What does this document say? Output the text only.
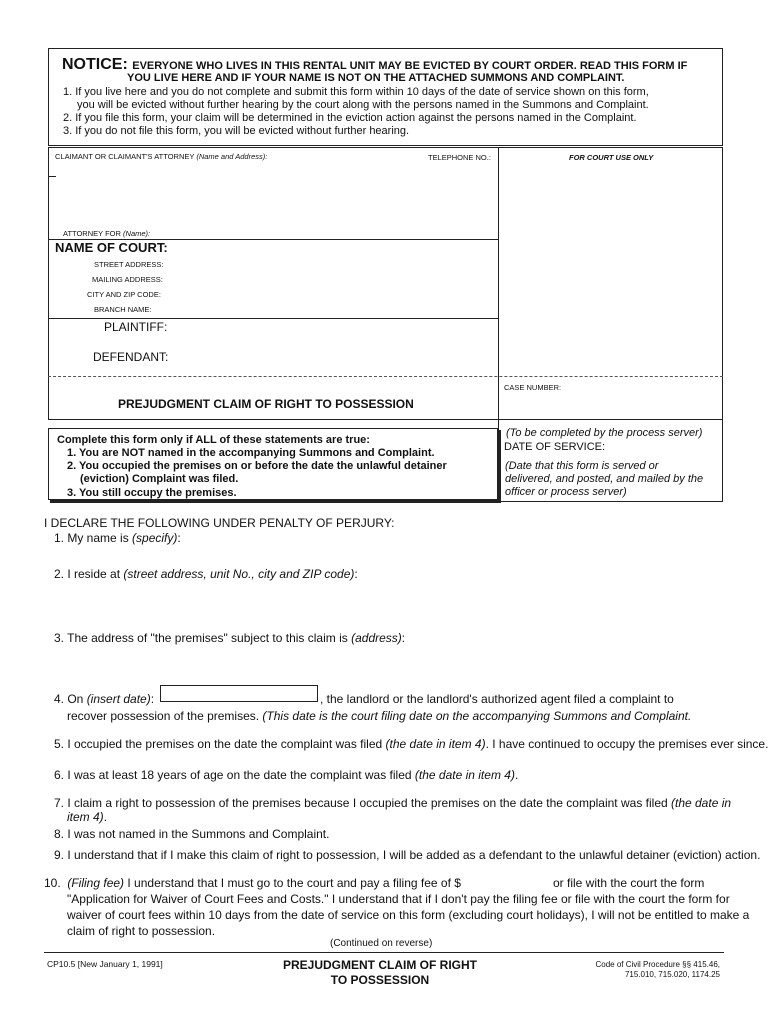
NOTICE: EVERYONE WHO LIVES IN THIS RENTAL UNIT MAY BE EVICTED BY COURT ORDER. READ THIS FORM IF
YOU LIVE HERE AND IF YOUR NAME IS NOT ON THE ATTACHED SUMMONS AND COMPLAINT.
1. If you live here and you do not complete and submit this form within 10 days of the date of service shown on this form,
you will be evicted without further hearing by the court along with the persons named in the Summons and Complaint.
2. If you file this form, your claim will be determined in the eviction action against the persons named in the Complaint.
3. If you do not file this form, you will be evicted without further hearing.
CLAIMANT OR CLAIMANT'S ATTORNEY (Name and Address):	TELEPHONE NO.:	FOR COURT USE ONLY
ATTORNEY FOR (Name):
NAME OF COURT:
STREET ADDRESS:
MAILING ADDRESS:
CITY AND ZIP CODE:
BRANCH NAME:
PLAINTIFF:
DEFENDANT:
CASE NUMBER:
PREJUDGMENT CLAIM OF RIGHT TO POSSESSION
Complete this form only if ALL of these statements are true:
1. You are NOT named in the accompanying Summons and Complaint.
2. You occupied the premises on or before the date the unlawful detainer
(eviction) Complaint was filed.
3. You still occupy the premises.
(To be completed by the process server)
DATE OF SERVICE:
(Date that this form is served or
delivered, and posted, and mailed by the
officer or process server)
I DECLARE THE FOLLOWING UNDER PENALTY OF PERJURY:
1. My name is (specify):
2. I reside at (street address, unit No., city and ZIP code):
3. The address of "the premises" subject to this claim is (address):
4. On (insert date):	, the landlord or the landlord's authorized agent filed a complaint to
recover possession of the premises. (This date is the court filing date on the accompanying Summons and Complaint.
5. I occupied the premises on the date the complaint was filed (the date in item 4). I have continued to occupy the premises ever since.
6. I was at least 18 years of age on the date the complaint was filed (the date in item 4).
7. I claim a right to possession of the premises because I occupied the premises on the date the complaint was filed (the date in
item 4).
8. I was not named in the Summons and Complaint.
9. I understand that if I make this claim of right to possession, I will be added as a defendant to the unlawful detainer (eviction) action.
10. (Filing fee) I understand that I must go to the court and pay a filing fee of $	or file with the court the form
"Application for Waiver of Court Fees and Costs." I understand that if I don't pay the filing fee or file with the court the form for
waiver of court fees within 10 days from the date of service on this form (excluding court holidays), I will not be entitled to make a
claim of right to possession.
(Continued on reverse)
CP10.5 [New January 1, 1991]	PREJUDGMENT CLAIM OF RIGHT
TO POSSESSION
Code of Civil Procedure §§ 415.46,
715.010, 715.020, 1174.25
